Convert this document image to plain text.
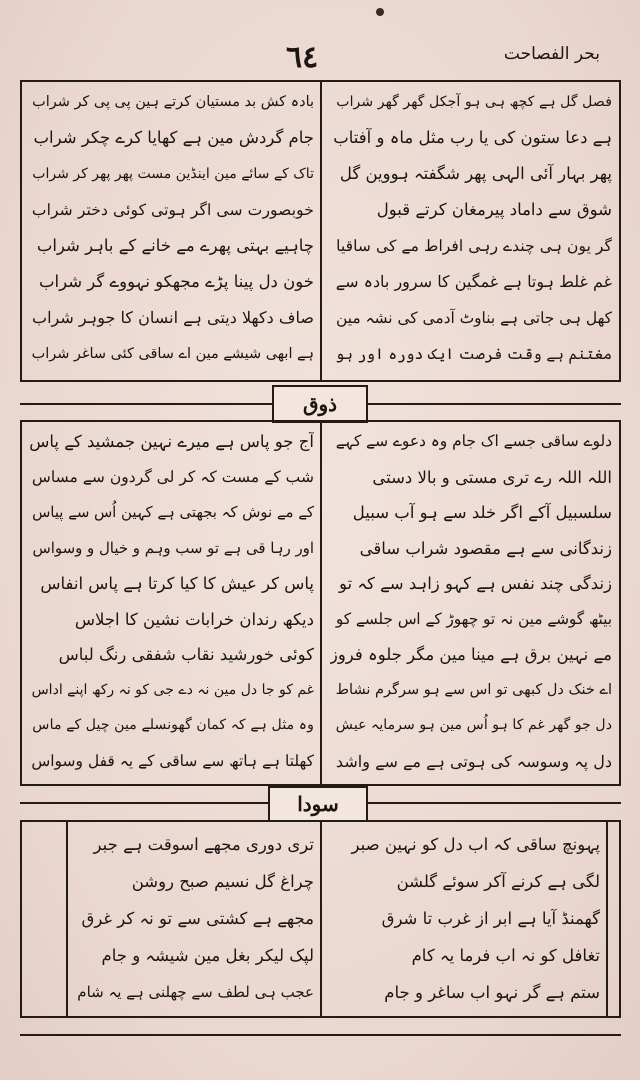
بحر الفصاحت
٦٤
فصل گل ہے کچھ ہی ہو آجکل گھر گھر شراب
ہے دعا ستون کی یا رب مثل ماہ و آفتاب
پھر بہار آئی الہی پھر شگفتہ ہووین گل
شوق سے داماد پیرمغان کرتے قبول
گر یون ہی چندے رہی افراط مے کی ساقیا
غم غلط ہوتا ہے غمگین کا سرور بادہ سے
کھل ہی جاتی ہے بناوٹ آدمی کی نشہ مین
مغتنم ہے وقت فرصت ایک دورہ اور ہو
بادہ کش بد مستیان کرتے ہین پی پی کر شراب
جام گردش مین ہے کھایا کرے چکر شراب
تاک کے سائے مین اینڈین مست پھر پھر کر شراب
خوبصورت سی اگر ہوتی کوئی دختر شراب
چاہیے بہتی پھرے مے خانے کے باہر شراب
خون دل پینا پڑے مجھکو نہووے گر شراب
صاف دکھلا دیتی ہے انسان کا جوہر شراب
ہے ابھی شیشے مین اے ساقی کئی ساغر شراب
ذوق
دلوے ساقی جسے اک جام وہ دعوے سے کہے
اللہ اللہ رے تری مستی و بالا دستی
سلسبیل آکے اگر خلد سے ہو آب سبیل
زندگانی سے ہے مقصود شراب ساقی
زندگی چند نفس ہے کہو زاہد سے کہ تو
بیٹھ گوشے مین نہ تو چھوڑ کے اس جلسے کو
مے نہین برق ہے مینا مین مگر جلوہ فروز
اے خنک دل کبھی تو اس سے ہو سرگرم نشاط
دل جو گھر غم کا ہو اُس مین ہو سرمایہ عیش
دل پہ وسوسہ کی ہوتی ہے مے سے واشد
آج جو پاس ہے میرے نہین جمشید کے پاس
شب کے مست کہ کر لی گردون سے مساس
کے مے نوش کہ بجھتی ہے کہین اُس سے پیاس
اور رہا قی ہے تو سب وہم و خیال و وسواس
پاس کر عیش کا کیا کرتا ہے پاس انفاس
دیکھ رندان خرابات نشین کا اجلاس
کوئی خورشید نقاب شفقی رنگ لباس
غم کو جا دل مین نہ دے جی کو نہ رکھ اپنے اداس
وہ مثل ہے کہ کمان گھونسلے مین چیل کے ماس
کھلتا ہے ہاتھ سے ساقی کے یہ قفل وسواس
سودا
پہونچ ساقی کہ اب دل کو نہین صبر
لگی ہے کرنے آکر سوئے گلشن
گھمنڈ آیا ہے ابر از غرب تا شرق
تغافل کو نہ اب فرما یہ کام
ستم ہے گر نہو اب ساغر و جام
تری دوری مجھے اسوقت ہے جبر
چراغ گل نسیم صبح روشن
مجھے ہے کشتی سے تو نہ کر غرق
لپک لیکر بغل مین شیشہ و جام
عجب ہی لطف سے چھلنی ہے یہ شام
